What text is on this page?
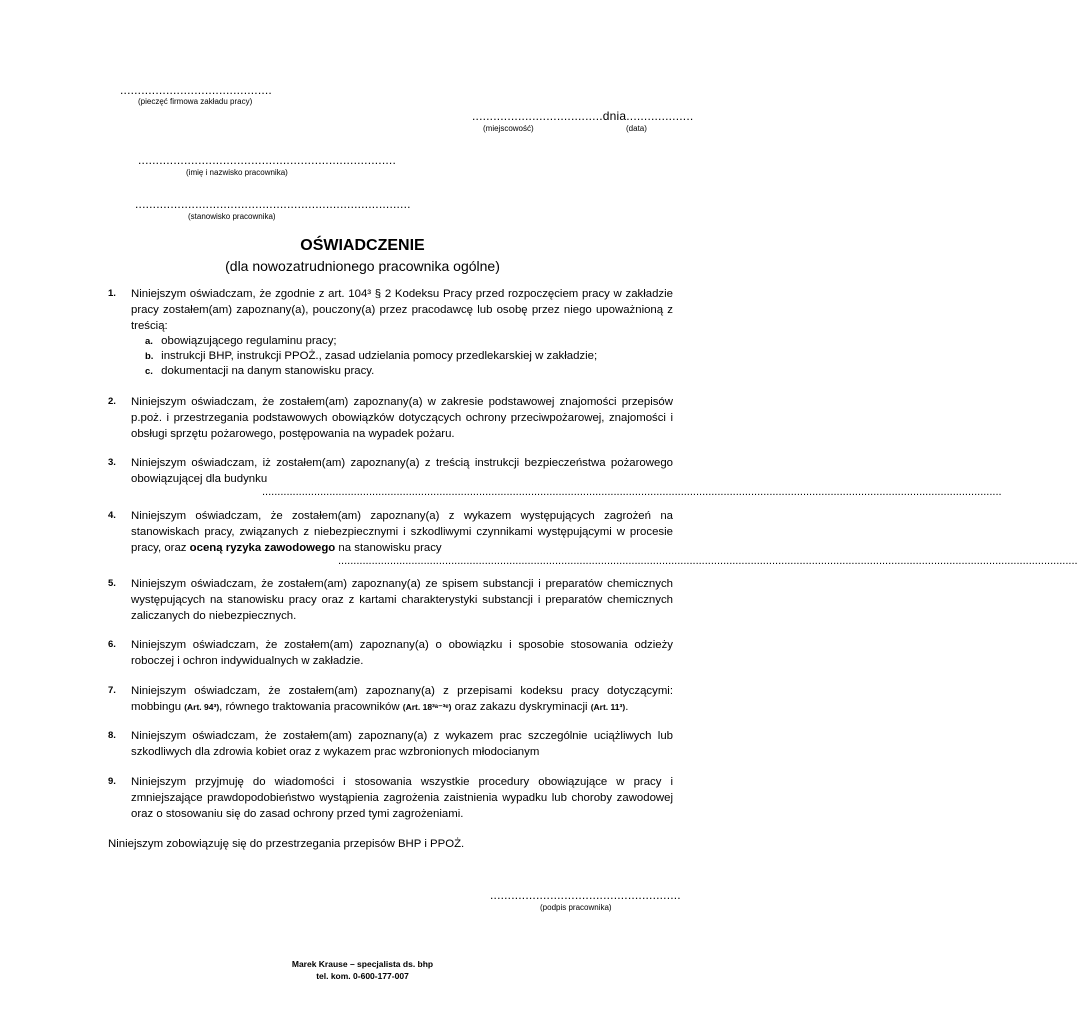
...........................................
(pieczęć firmowa zakładu pracy)
.....................................dnia...................
(miejscowość)	(data)
.........................................................................
(imię i nazwisko pracownika)
..............................................................................
(stanowisko pracownika)
OŚWIADCZENIE
(dla nowozatrudnionego pracownika ogólne)
1. Niniejszym oświadczam, że zgodnie z art. 104³ § 2 Kodeksu Pracy przed rozpoczęciem pracy w zakładzie pracy zostałem(am) zapoznany(a), pouczony(a) przez pracodawcę lub osobę przez niego upoważnioną z treścią:
a. obowiązującego regulaminu pracy;
b. instrukcji BHP, instrukcji PPOŻ., zasad udzielania pomocy przedlekarskiej w zakładzie;
c. dokumentacji na danym stanowisku pracy.
2. Niniejszym oświadczam, że zostałem(am) zapoznany(a) w zakresie podstawowej znajomości przepisów p.poż. i przestrzegania podstawowych obowiązków dotyczących ochrony przeciwpożarowej, znajomości i obsługi sprzętu pożarowego, postępowania na wypadek pożaru.
3. Niniejszym oświadczam, iż zostałem(am) zapoznany(a) z treścią instrukcji bezpieczeństwa pożarowego obowiązującej dla budynku
..................................................................................................................................................................................................................................................
4. Niniejszym oświadczam, że zostałem(am) zapoznany(a) z wykazem występujących zagrożeń na stanowiskach pracy, związanych z niebezpiecznymi i szkodliwymi czynnikami występującymi w procesie pracy, oraz oceną ryzyka zawodowego na stanowisku pracy
..................................................................................................................................................................................................................................................
5. Niniejszym oświadczam, że zostałem(am) zapoznany(a) ze spisem substancji i preparatów chemicznych występujących na stanowisku pracy oraz z kartami charakterystyki substancji i preparatów chemicznych zaliczanych do niebezpiecznych.
6. Niniejszym oświadczam, że zostałem(am) zapoznany(a) o obowiązku i sposobie stosowania odzieży roboczej i ochron indywidualnych w zakładzie.
7. Niniejszym oświadczam, że zostałem(am) zapoznany(a) z przepisami kodeksu pracy dotyczącymi: mobbingu (Art. 94³), równego traktowania pracowników (Art. 18³ᵃ⁻³ᵉ) oraz zakazu dyskryminacji (Art. 11³).
8. Niniejszym oświadczam, że zostałem(am) zapoznany(a) z wykazem prac szczególnie uciążliwych lub szkodliwych dla zdrowia kobiet oraz z wykazem prac wzbronionych młodocianym
9. Niniejszym przyjmuję do wiadomości i stosowania wszystkie procedury obowiązujące w pracy i zmniejszające prawdopodobieństwo wystąpienia zagrożenia zaistnienia wypadku lub choroby zawodowej oraz o stosowaniu się do zasad ochrony przed tymi zagrożeniami.
Niniejszym zobowiązuję się do przestrzegania przepisów BHP i PPOŻ.
......................................................
(podpis pracownika)
Marek Krause – specjalista ds. bhp
tel. kom. 0-600-177-007
